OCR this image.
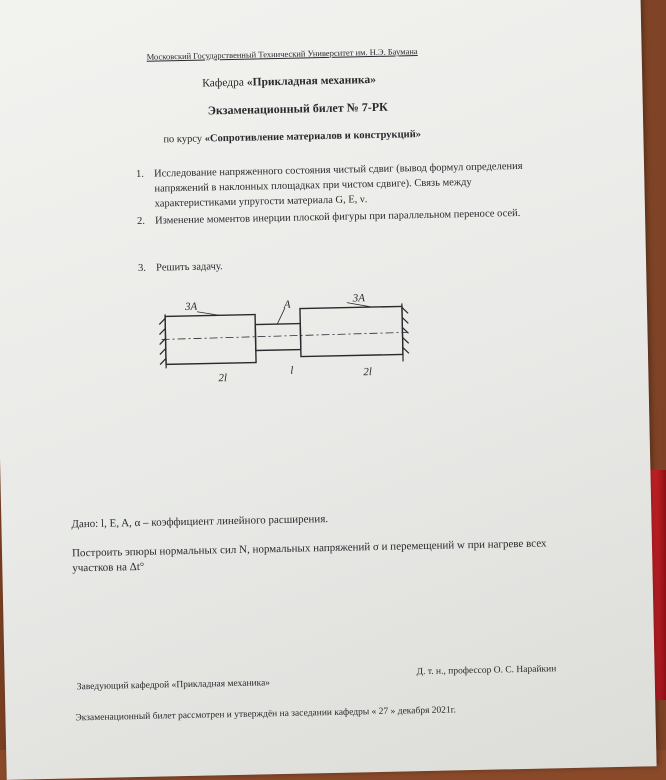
Московский Государственный Технический Университет им. Н.Э. Баумана
Кафедра «Прикладная механика»
Экзаменационный билет № 7-РК
по курсу «Сопротивление материалов и конструкций»
1. Исследование напряженного состояния чистый сдвиг (вывод формул определения напряжений в наклонных площадках при чистом сдвиге). Связь между характеристиками упругости материала G, E, ν.
2. Изменение моментов инерции плоской фигуры при параллельном переносе осей.
3. Решить задачу.
3A	A
3A
2l
l	2l
Дано: l, E, A, α – коэффициент линейного расширения.
Построить эпюры нормальных сил N, нормальных напряжений σ и перемещений w при нагреве всех участков на Δt°
Заведующий кафедрой «Прикладная механика»
Д. т. н., профессор О. С. Нарайкин
Экзаменационный билет рассмотрен и утверждён на заседании кафедры « 27 » декабря 2021г.
